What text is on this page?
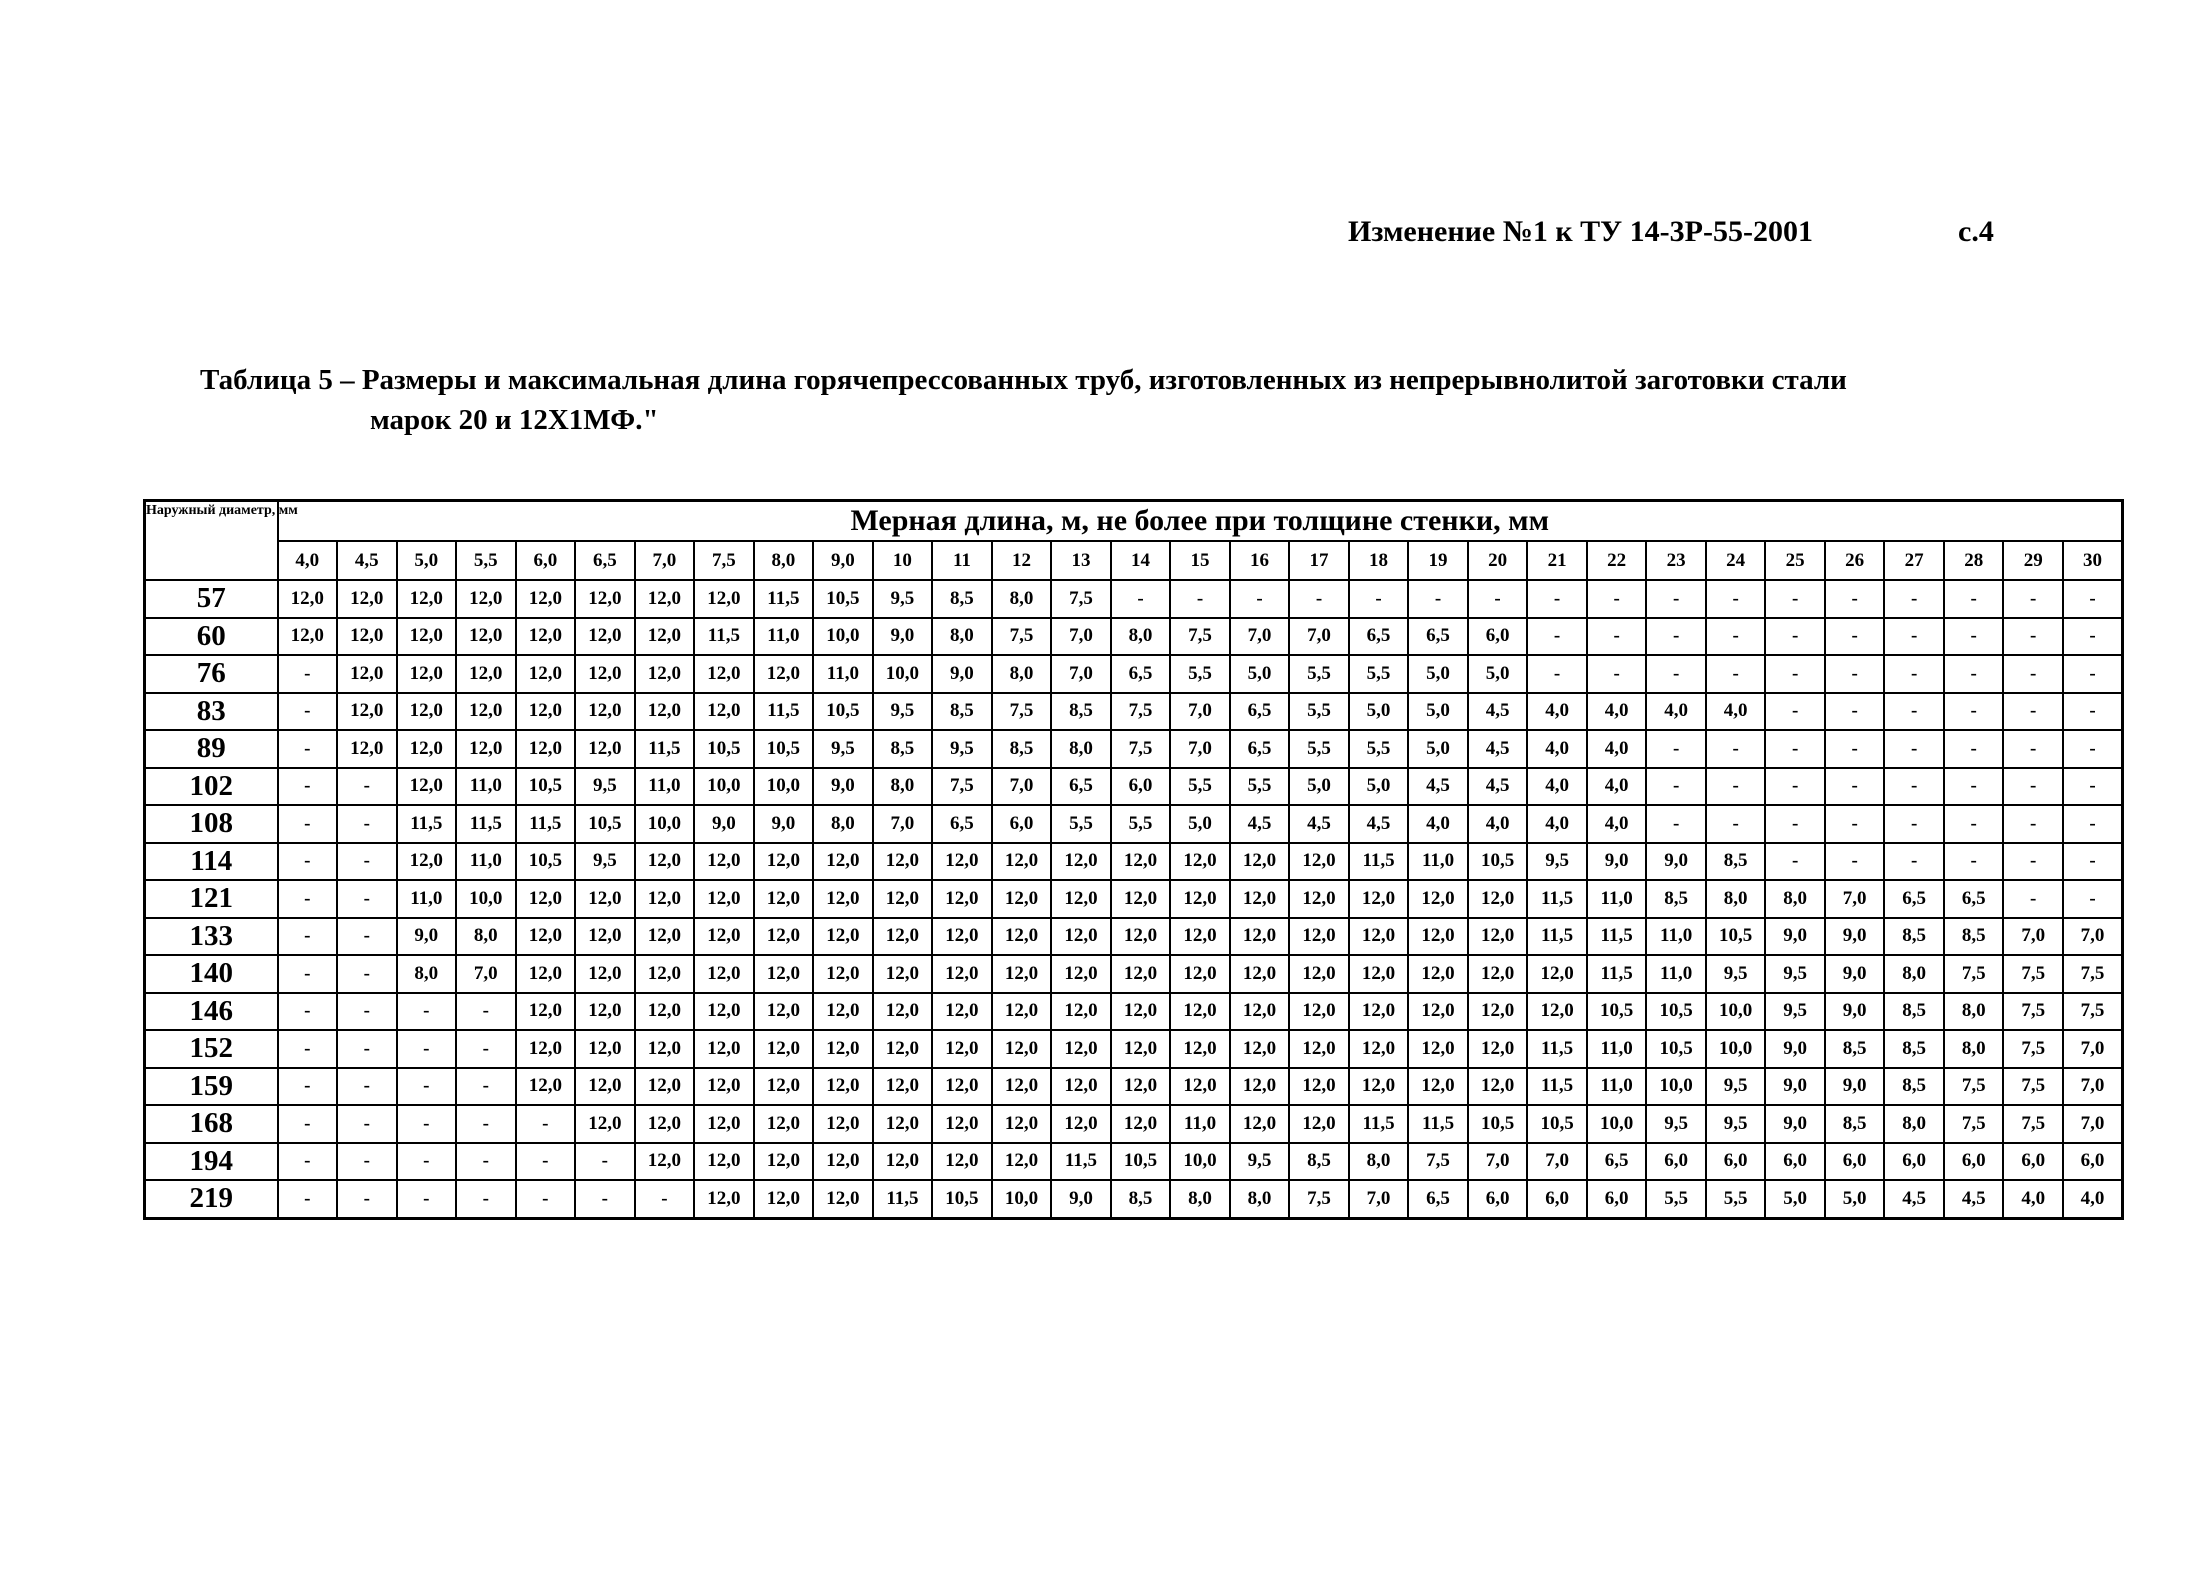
Изменение №1 к ТУ 14-3Р-55-2001	с.4
Таблица 5 – Размеры и максимальная длина горячепрессованных труб, изготовленных из непрерывнолитой заготовки стали
марок 20 и 12Х1МФ."
Наружный диаметр, мм	Мерная длина, м, не более при толщине стенки, мм																														
	4,0	4,5	5,0	5,5	6,0	6,5	7,0	7,5	8,0	9,0	10	11	12	13	14	15	16	17	18	19	20	21	22	23	24	25	26	27	28	29	30
57	12,0	12,0	12,0	12,0	12,0	12,0	12,0	12,0	11,5	10,5	9,5	8,5	8,0	7,5	-	-	-	-	-	-	-	-	-	-	-	-	-	-	-	-	-
60	12,0	12,0	12,0	12,0	12,0	12,0	12,0	11,5	11,0	10,0	9,0	8,0	7,5	7,0	8,0	7,5	7,0	7,0	6,5	6,5	6,0	-	-	-	-	-	-	-	-	-	-
76	-	12,0	12,0	12,0	12,0	12,0	12,0	12,0	12,0	11,0	10,0	9,0	8,0	7,0	6,5	5,5	5,0	5,5	5,5	5,0	5,0	-	-	-	-	-	-	-	-	-	-
83	-	12,0	12,0	12,0	12,0	12,0	12,0	12,0	11,5	10,5	9,5	8,5	7,5	8,5	7,5	7,0	6,5	5,5	5,0	5,0	4,5	4,0	4,0	4,0	4,0	-	-	-	-	-	-
89	-	12,0	12,0	12,0	12,0	12,0	11,5	10,5	10,5	9,5	8,5	9,5	8,5	8,0	7,5	7,0	6,5	5,5	5,5	5,0	4,5	4,0	4,0	-	-	-	-	-	-	-	-
102	-	-	12,0	11,0	10,5	9,5	11,0	10,0	10,0	9,0	8,0	7,5	7,0	6,5	6,0	5,5	5,5	5,0	5,0	4,5	4,5	4,0	4,0	-	-	-	-	-	-	-	-
108	-	-	11,5	11,5	11,5	10,5	10,0	9,0	9,0	8,0	7,0	6,5	6,0	5,5	5,5	5,0	4,5	4,5	4,5	4,0	4,0	4,0	4,0	-	-	-	-	-	-	-	-
114	-	-	12,0	11,0	10,5	9,5	12,0	12,0	12,0	12,0	12,0	12,0	12,0	12,0	12,0	12,0	12,0	12,0	11,5	11,0	10,5	9,5	9,0	9,0	8,5	-	-	-	-	-	-
121	-	-	11,0	10,0	12,0	12,0	12,0	12,0	12,0	12,0	12,0	12,0	12,0	12,0	12,0	12,0	12,0	12,0	12,0	12,0	12,0	11,5	11,0	8,5	8,0	8,0	7,0	6,5	6,5	-	-
133	-	-	9,0	8,0	12,0	12,0	12,0	12,0	12,0	12,0	12,0	12,0	12,0	12,0	12,0	12,0	12,0	12,0	12,0	12,0	12,0	11,5	11,5	11,0	10,5	9,0	9,0	8,5	8,5	7,0	7,0
140	-	-	8,0	7,0	12,0	12,0	12,0	12,0	12,0	12,0	12,0	12,0	12,0	12,0	12,0	12,0	12,0	12,0	12,0	12,0	12,0	12,0	11,5	11,0	9,5	9,5	9,0	8,0	7,5	7,5	7,5
146	-	-	-	-	12,0	12,0	12,0	12,0	12,0	12,0	12,0	12,0	12,0	12,0	12,0	12,0	12,0	12,0	12,0	12,0	12,0	12,0	10,5	10,5	10,0	9,5	9,0	8,5	8,0	7,5	7,5
152	-	-	-	-	12,0	12,0	12,0	12,0	12,0	12,0	12,0	12,0	12,0	12,0	12,0	12,0	12,0	12,0	12,0	12,0	12,0	11,5	11,0	10,5	10,0	9,0	8,5	8,5	8,0	7,5	7,0
159	-	-	-	-	12,0	12,0	12,0	12,0	12,0	12,0	12,0	12,0	12,0	12,0	12,0	12,0	12,0	12,0	12,0	12,0	12,0	11,5	11,0	10,0	9,5	9,0	9,0	8,5	7,5	7,5	7,0
168	-	-	-	-	-	12,0	12,0	12,0	12,0	12,0	12,0	12,0	12,0	12,0	12,0	11,0	12,0	12,0	11,5	11,5	10,5	10,5	10,0	9,5	9,5	9,0	8,5	8,0	7,5	7,5	7,0
194	-	-	-	-	-	-	12,0	12,0	12,0	12,0	12,0	12,0	12,0	11,5	10,5	10,0	9,5	8,5	8,0	7,5	7,0	7,0	6,5	6,0	6,0	6,0	6,0	6,0	6,0	6,0	6,0
219	-	-	-	-	-	-	-	12,0	12,0	12,0	11,5	10,5	10,0	9,0	8,5	8,0	8,0	7,5	7,0	6,5	6,0	6,0	6,0	5,5	5,5	5,0	5,0	4,5	4,5	4,0	4,0
